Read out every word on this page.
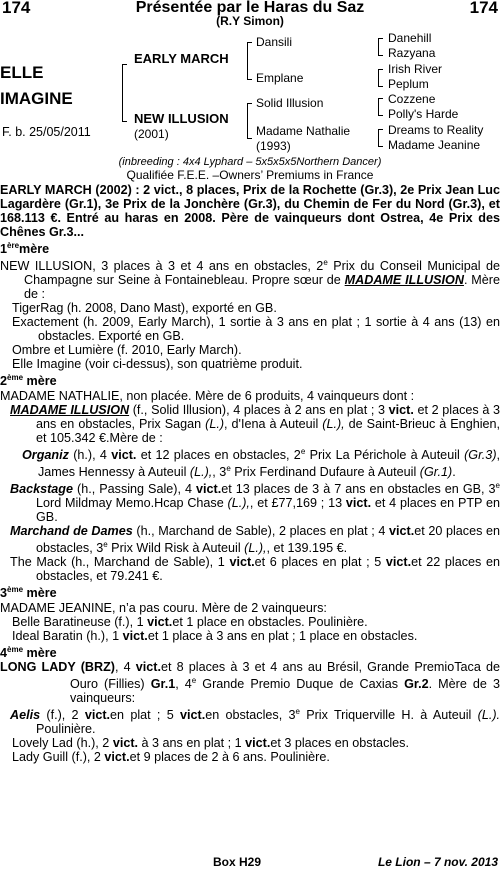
174	Présentée par le Haras du Saz	174
(R.Y Simon)
ELLE
IMAGINE
F. b. 25/05/2011
EARLY MARCH
NEW ILLUSION
(2001)
Dansili
Emplane
Solid Illusion
Madame Nathalie
(1993)
Danehill
Razyana
Irish River
Peplum
Cozzene
Polly's Harde
Dreams to Reality
Madame Jeanine
(inbreeding : 4x4 Lyphard – 5x5x5x5Northern Dancer)
Qualifiée F.E.E. –Owners’ Premiums in France

EARLY MARCH (2002) : 2 vict., 8 places, Prix de la Rochette (Gr.3), 2e Prix Jean Luc Lagardère (Gr.1), 3e Prix de la Jonchère (Gr.3), du Chemin de Fer du Nord (Gr.3), et 168.113 €. Entré au haras en 2008. Père de vainqueurs dont Ostrea, 4e Prix des Chênes Gr.3...

1èremère

NEW ILLUSION, 3 places à 3 et 4 ans en obstacles, 2e Prix du Conseil Municipal de Champagne sur Seine à Fontainebleau. Propre sœur de MADAME ILLUSION. Mère de :

TigerRag (h. 2008, Dano Mast), exporté en GB.

Exactement (h. 2009, Early March), 1 sortie à 3 ans en plat ; 1 sortie à 4 ans (13) en obstacles. Exporté en GB.

Ombre et Lumière (f. 2010, Early March).

Elle Imagine (voir ci-dessus), son quatrième produit.

2ème mère

MADAME NATHALIE, non placée. Mère de 6 produits, 4 vainqueurs dont :

MADAME ILLUSION (f., Solid Illusion), 4 places à 2 ans en plat ; 3 vict. et 2 places à 3 ans en obstacles, Prix Sagan (L.), d'Iena à Auteuil (L.), de Saint-Brieuc à Enghien, et 105.342 €.Mère de :

Organiz (h.), 4 vict. et 12 places en obstacles, 2e Prix La Périchole à Auteuil (Gr.3), James Hennessy à Auteuil (L.),, 3e Prix Ferdinand Dufaure à Auteuil (Gr.1).

Backstage (h., Passing Sale), 4 vict.et 13 places de 3 à 7 ans en obstacles en GB, 3e Lord Mildmay Memo.Hcap Chase (L.),, et £77,169 ; 13 vict. et 4 places en PTP en GB.

Marchand de Dames (h., Marchand de Sable), 2 places en plat ; 4 vict.et 20 places en obstacles, 3e Prix Wild Risk à Auteuil (L.),, et 139.195 €.

The Mack (h., Marchand de Sable), 1 vict.et 6 places en plat ; 5 vict.et 22 places en obstacles, et 79.241 €.

3ème mère

MADAME JEANINE, n’a pas couru. Mère de 2 vainqueurs:

Belle Baratineuse (f.), 1 vict.et 1 place en obstacles. Poulinière.

Ideal Baratin (h.), 1 vict.et 1 place à 3 ans en plat ; 1 place en obstacles.

4ème mère

LONG LADY (BRZ), 4 vict.et 8 places à 3 et 4 ans au Brésil, Grande PremioTaca de Ouro (Fillies) Gr.1, 4e Grande Premio Duque de Caxias Gr.2. Mère de 3 vainqueurs:

Aelis (f.), 2 vict.en plat ; 5 vict.en obstacles, 3e Prix Triquerville H. à Auteuil (L.). Poulinière.

Lovely Lad (h.), 2 vict. à 3 ans en plat ; 1 vict.et 3 places en obstacles.

Lady Guill (f.), 2 vict.et 9 places de 2 à 6 ans. Poulinière.

Box H29	Le Lion – 7 nov. 2013
